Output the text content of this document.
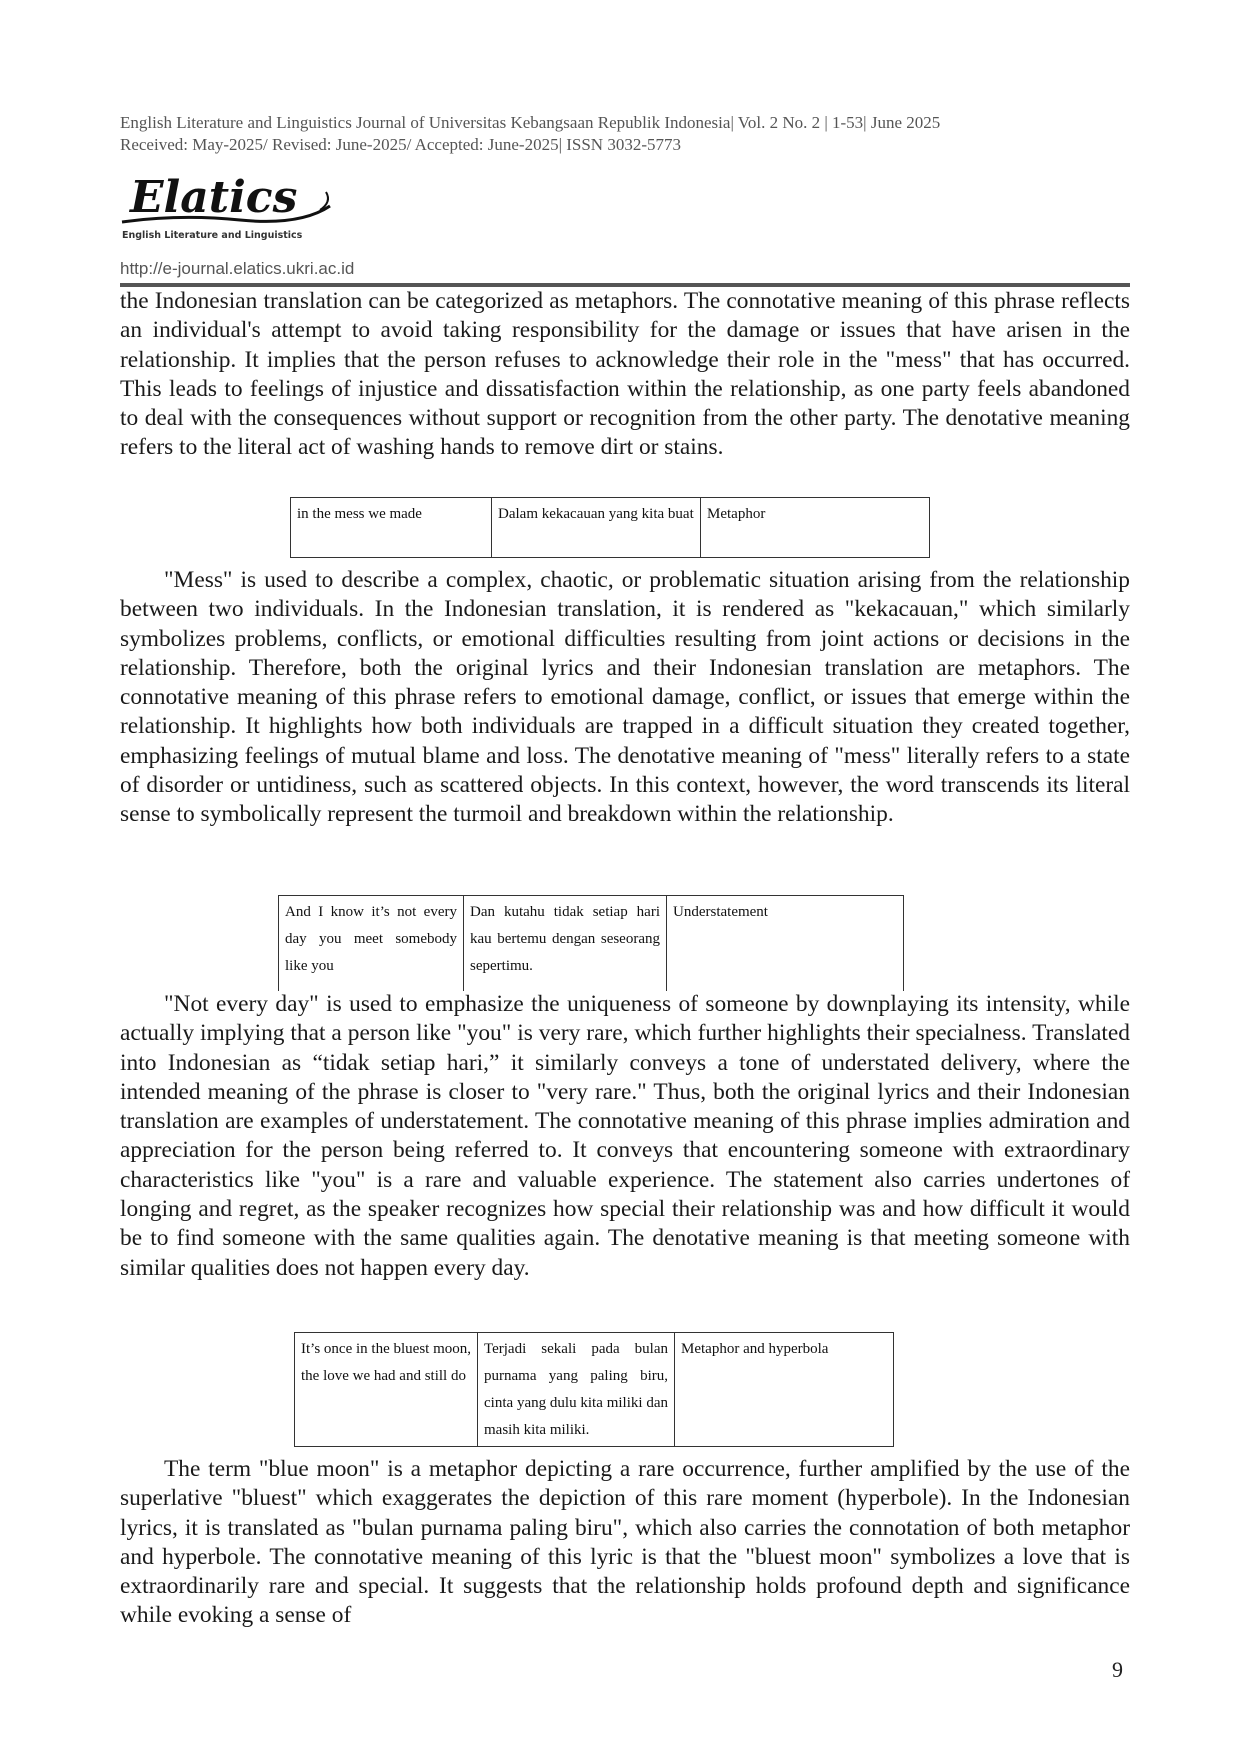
English Literature and Linguistics Journal of Universitas Kebangsaan Republik Indonesia| Vol. 2 No. 2 | 1-53| June 2025
Received: May-2025/ Revised: June-2025/ Accepted: June-2025| ISSN 3032-5773
Elatics
English Literature and Linguistics
http://e-journal.elatics.ukri.ac.id

the Indonesian translation can be categorized as metaphors. The connotative meaning of this phrase reflects an individual's attempt to avoid taking responsibility for the damage or issues that have arisen in the relationship. It implies that the person refuses to acknowledge their role in the "mess" that has occurred. This leads to feelings of injustice and dissatisfaction within the relationship, as one party feels abandoned to deal with the consequences without support or recognition from the other party. The denotative meaning refers to the literal act of washing hands to remove dirt or stains.

in the mess we made	Dalam kekacauan yang kita buat	Metaphor

"Mess" is used to describe a complex, chaotic, or problematic situation arising from the relationship between two individuals. In the Indonesian translation, it is rendered as "kekacauan," which similarly symbolizes problems, conflicts, or emotional difficulties resulting from joint actions or decisions in the relationship. Therefore, both the original lyrics and their Indonesian translation are metaphors. The connotative meaning of this phrase refers to emotional damage, conflict, or issues that emerge within the relationship. It highlights how both individuals are trapped in a difficult situation they created together, emphasizing feelings of mutual blame and loss. The denotative meaning of "mess" literally refers to a state of disorder or untidiness, such as scattered objects. In this context, however, the word transcends its literal sense to symbolically represent the turmoil and breakdown within the relationship.

And I know it’s not every day you meet somebody like you	Dan kutahu tidak setiap hari kau bertemu dengan seseorang sepertimu.	Understatement

"Not every day" is used to emphasize the uniqueness of someone by downplaying its intensity, while actually implying that a person like "you" is very rare, which further highlights their specialness. Translated into Indonesian as “tidak setiap hari,” it similarly conveys a tone of understated delivery, where the intended meaning of the phrase is closer to "very rare." Thus, both the original lyrics and their Indonesian translation are examples of understatement. The connotative meaning of this phrase implies admiration and appreciation for the person being referred to. It conveys that encountering someone with extraordinary characteristics like "you" is a rare and valuable experience. The statement also carries undertones of longing and regret, as the speaker recognizes how special their relationship was and how difficult it would be to find someone with the same qualities again. The denotative meaning is that meeting someone with similar qualities does not happen every day.

It’s once in the bluest moon, the love we had and still do	Terjadi sekali pada bulan purnama yang paling biru, cinta yang dulu kita miliki dan masih kita miliki.	Metaphor and hyperbola

The term "blue moon" is a metaphor depicting a rare occurrence, further amplified by the use of the superlative "bluest" which exaggerates the depiction of this rare moment (hyperbole). In the Indonesian lyrics, it is translated as "bulan purnama paling biru", which also carries the connotation of both metaphor and hyperbole. The connotative meaning of this lyric is that the "bluest moon" symbolizes a love that is extraordinarily rare and special. It suggests that the relationship holds profound depth and significance while evoking a sense of

9
